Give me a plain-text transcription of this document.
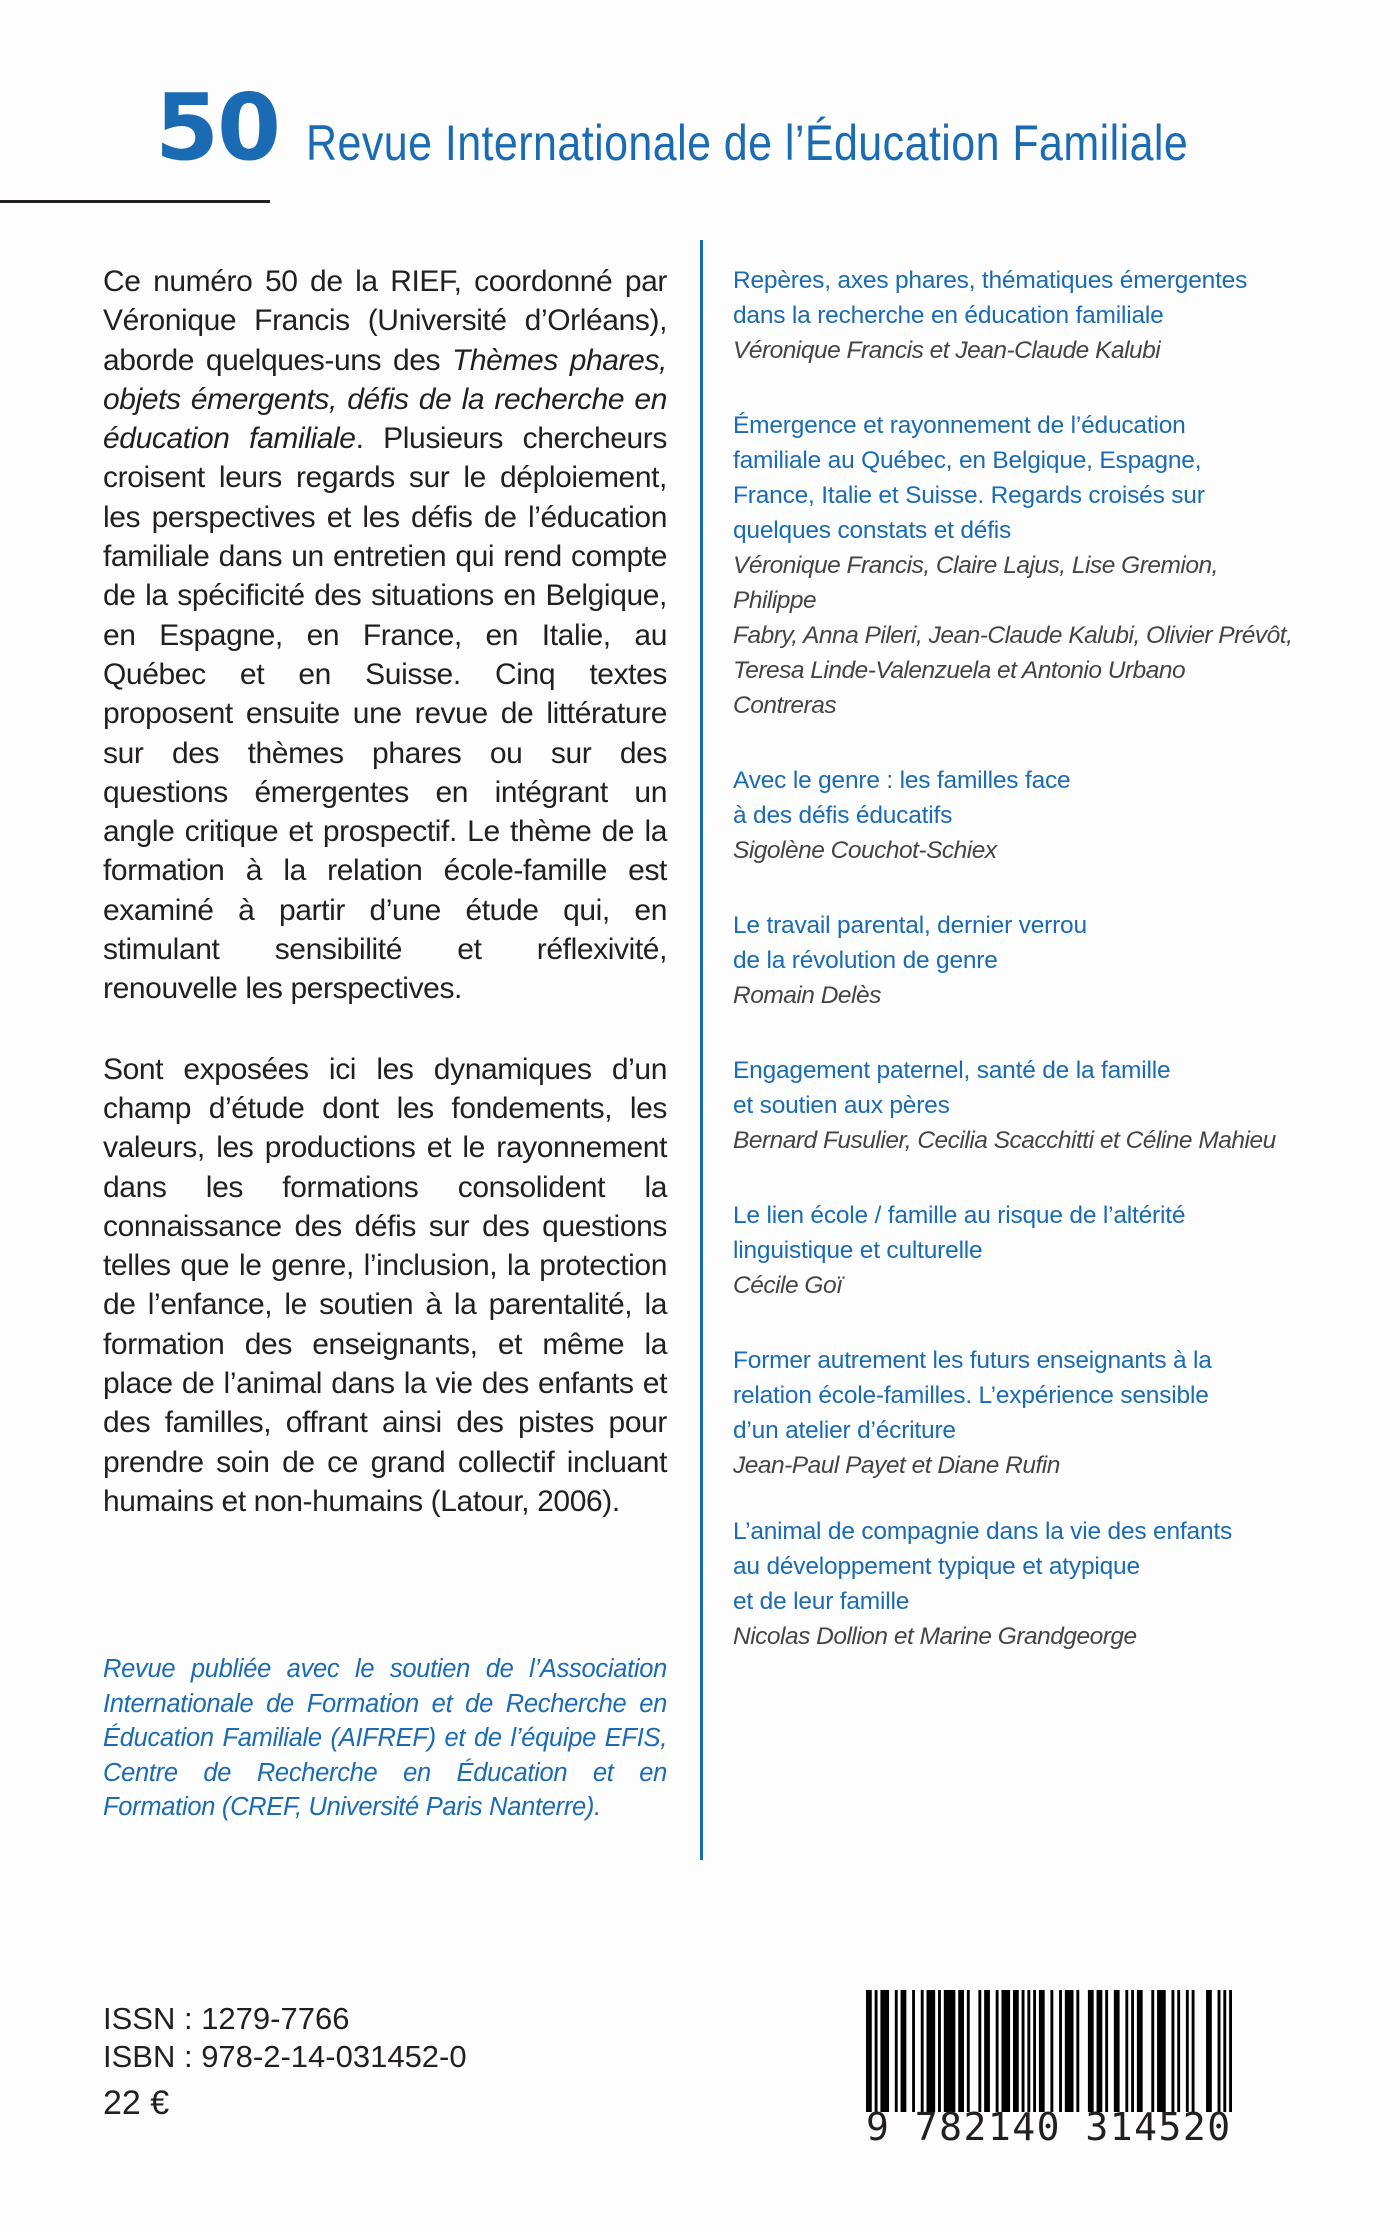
50 Revue Internationale de l’Éducation Familiale

Ce numéro 50 de la RIEF, coordonné par Véronique Francis (Université d’Orléans), aborde quelques-uns des Thèmes phares, objets émergents, défis de la recherche en éducation familiale. Plusieurs chercheurs croisent leurs regards sur le déploiement, les perspectives et les défis de l’éducation familiale dans un entretien qui rend compte de la spécificité des situations en Belgique, en Espagne, en France, en Italie, au Québec et en Suisse. Cinq textes proposent ensuite une revue de littérature sur des thèmes phares ou sur des questions émergentes en intégrant un angle critique et prospectif. Le thème de la formation à la relation école-famille est examiné à partir d’une étude qui, en stimulant sensibilité et réflexivité, renouvelle les perspectives.

Sont exposées ici les dynamiques d’un champ d’étude dont les fondements, les valeurs, les productions et le rayonnement dans les formations consolident la connaissance des défis sur des questions telles que le genre, l’inclusion, la protection de l’enfance, le soutien à la parentalité, la formation des enseignants, et même la place de l’animal dans la vie des enfants et des familles, offrant ainsi des pistes pour prendre soin de ce grand collectif incluant humains et non-humains (Latour, 2006).

Revue publiée avec le soutien de l’Association Internationale de Formation et de Recherche en Éducation Familiale (AIFREF) et de l’équipe EFIS, Centre de Recherche en Éducation et en Formation (CREF, Université Paris Nanterre).

Repères, axes phares, thématiques émergentes

dans la recherche en éducation familiale

Véronique Francis et Jean-Claude Kalubi

Émergence et rayonnement de l’éducation

familiale au Québec, en Belgique, Espagne,

France, Italie et Suisse. Regards croisés sur

quelques constats et défis

Véronique Francis, Claire Lajus, Lise Gremion, Philippe

Fabry, Anna Pileri, Jean-Claude Kalubi, Olivier Prévôt,

Teresa Linde-Valenzuela et Antonio Urbano Contreras

Avec le genre : les familles face

à des défis éducatifs

Sigolène Couchot-Schiex

Le travail parental, dernier verrou

de la révolution de genre

Romain Delès

Engagement paternel, santé de la famille

et soutien aux pères

Bernard Fusulier, Cecilia Scacchitti et Céline Mahieu

Le lien école / famille au risque de l’altérité

linguistique et culturelle

Cécile Goï

Former autrement les futurs enseignants à la

relation école-familles. L’expérience sensible

d’un atelier d’écriture

Jean-Paul Payet et Diane Rufin

L’animal de compagnie dans la vie des enfants

au développement typique et atypique

et de leur famille

Nicolas Dollion et Marine Grandgeorge

ISSN : 1279-7766

ISBN : 978-2-14-031452-0

22 €

9 782140 314520
